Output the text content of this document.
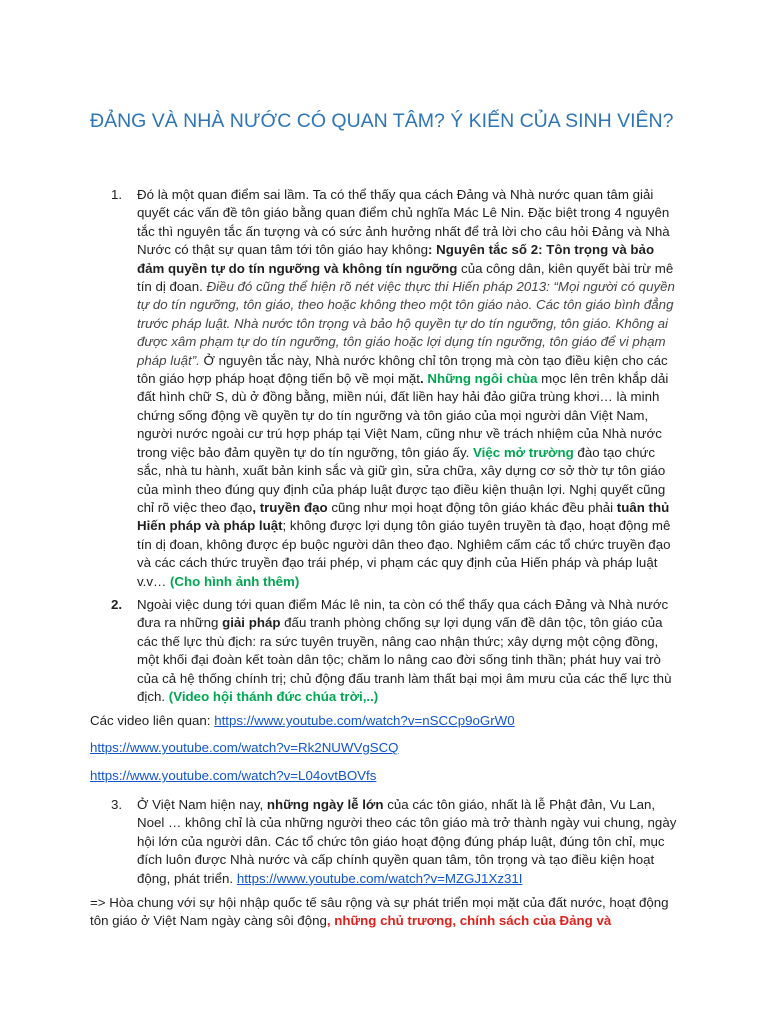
ĐẢNG VÀ NHÀ NƯỚC CÓ QUAN TÂM? Ý KIẾN CỦA SINH VIÊN?
1. Đó là một quan điểm sai lầm. Ta có thể thấy qua cách Đảng và Nhà nước quan tâm giải quyết các vấn đề tôn giáo bằng quan điểm chủ nghĩa Mác Lê Nin. Đặc biệt trong 4 nguyên tắc thì nguyên tắc ấn tượng và có sức ảnh hưởng nhất để trả lời cho câu hỏi Đảng và Nhà Nước có thật sự quan tâm tới tôn giáo hay không: Nguyên tắc số 2: Tôn trọng và bảo đảm quyền tự do tín ngưỡng và không tín ngưỡng của công dân, kiên quyết bài trừ mê tín dị đoan. Điều đó cũng thể hiện rõ nét việc thực thi Hiến pháp 2013: “Mọi người có quyền tự do tín ngưỡng, tôn giáo, theo hoặc không theo một tôn giáo nào. Các tôn giáo bình đẳng trước pháp luật. Nhà nước tôn trọng và bảo hộ quyền tự do tín ngưỡng, tôn giáo. Không ai được xâm phạm tự do tín ngưỡng, tôn giáo hoặc lợi dụng tín ngưỡng, tôn giáo để vi phạm pháp luật”. Ở nguyên tắc này, Nhà nước không chỉ tôn trọng mà còn tạo điều kiện cho các tôn giáo hợp pháp hoạt động tiến bộ về mọi mặt. Những ngôi chùa mọc lên trên khắp dải đất hình chữ S, dù ở đồng bằng, miền núi, đất liền hay hải đảo giữa trùng khơi… là minh chứng sống động về quyền tự do tín ngưỡng và tôn giáo của mọi người dân Việt Nam, người nước ngoài cư trú hợp pháp tại Việt Nam, cũng như về trách nhiệm của Nhà nước trong việc bảo đảm quyền tự do tín ngưỡng, tôn giáo ấy. Việc mở trường đào tạo chức sắc, nhà tu hành, xuất bản kinh sắc và giữ gìn, sửa chữa, xây dựng cơ sở thờ tự tôn giáo của mình theo đúng quy định của pháp luật được tạo điều kiện thuận lợi. Nghị quyết cũng chỉ rõ việc theo đạo, truyền đạo cũng như mọi hoạt động tôn giáo khác đều phải tuân thủ Hiến pháp và pháp luật; không được lợi dụng tôn giáo tuyên truyền tà đạo, hoạt động mê tín dị đoan, không được ép buộc người dân theo đạo. Nghiêm cấm các tổ chức truyền đạo và các cách thức truyền đạo trái phép, vi phạm các quy định của Hiến pháp và pháp luật v.v… (Cho hình ảnh thêm)
2. Ngoài việc dung tới quan điểm Mác lê nin, ta còn có thể thấy qua cách Đảng và Nhà nước đưa ra những giải pháp đấu tranh phòng chống sự lợi dụng vấn đề dân tộc, tôn giáo của các thế lực thù địch: ra sức tuyên truyền, nâng cao nhận thức; xây dựng một cộng đồng, một khối đại đoàn kết toàn dân tộc; chăm lo nâng cao đời sống tinh thần; phát huy vai trò của cả hệ thống chính trị; chủ động đấu tranh làm thất bại mọi âm mưu của các thế lực thù địch. (Video hội thánh đức chúa trời,..)
Các video liên quan: https://www.youtube.com/watch?v=nSCCp9oGrW0
https://www.youtube.com/watch?v=Rk2NUWVgSCQ
https://www.youtube.com/watch?v=L04ovtBOVfs
3. Ở Việt Nam hiện nay, những ngày lễ lớn của các tôn giáo, nhất là lễ Phật đản, Vu Lan, Noel … không chỉ là của những người theo các tôn giáo mà trở thành ngày vui chung, ngày hội lớn của người dân. Các tổ chức tôn giáo hoạt động đúng pháp luật, đúng tôn chỉ, mục đích luôn được Nhà nước và cấp chính quyền quan tâm, tôn trọng và tạo điều kiện hoạt động, phát triển. https://www.youtube.com/watch?v=MZGJ1Xz31I
=> Hòa chung với sự hội nhập quốc tế sâu rộng và sự phát triển mọi mặt của đất nước, hoạt động tôn giáo ở Việt Nam ngày càng sôi động, những chủ trương, chính sách của Đảng và
